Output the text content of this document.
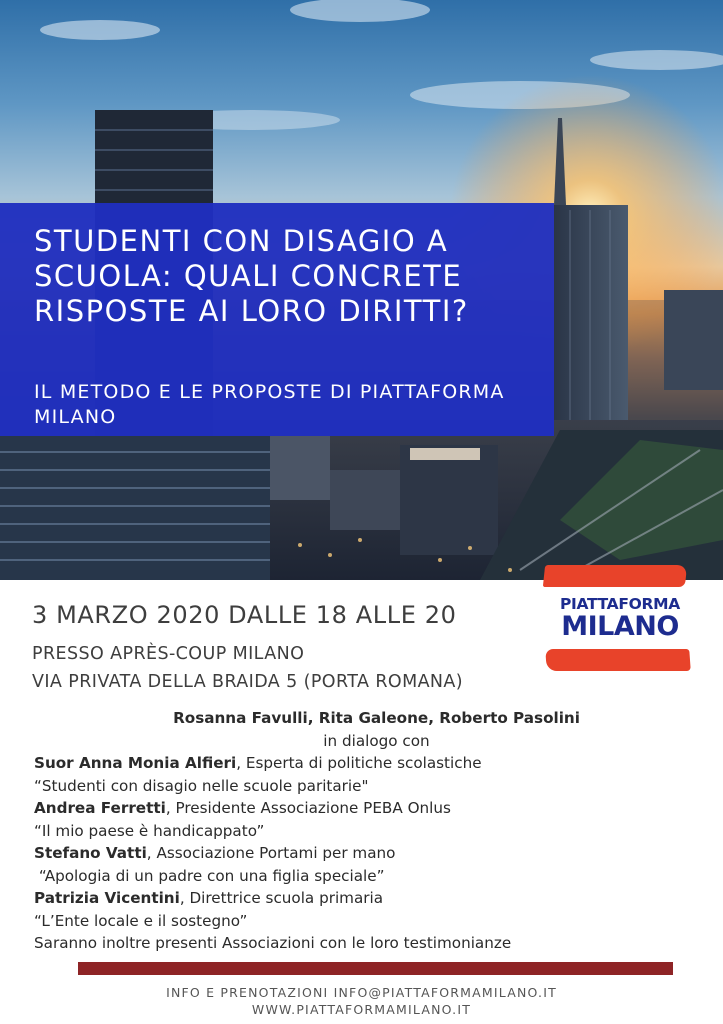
STUDENTI CON DISAGIO A SCUOLA: QUALI CONCRETE RISPOSTE AI LORO DIRITTI?
IL METODO E LE PROPOSTE DI PIATTAFORMA MILANO
3 MARZO 2020 DALLE 18 ALLE 20
PRESSO APRÈS-COUP MILANO
VIA PRIVATA DELLA BRAIDA 5 (PORTA ROMANA)
PIATTAFORMA
MILANO
Rosanna Favulli, Rita Galeone, Roberto Pasolini
in dialogo con
Suor Anna Monia Alfieri, Esperta di politiche scolastiche
“Studenti con disagio nelle scuole paritarie"
Andrea Ferretti, Presidente Associazione PEBA Onlus
“Il mio paese è handicappato”
Stefano Vatti, Associazione Portami per mano
“Apologia di un padre con una figlia speciale”
Patrizia Vicentini, Direttrice scuola primaria
“L’Ente locale e il sostegno”
Saranno inoltre presenti Associazioni con le loro testimonianze
INFO E PRENOTAZIONI INFO@PIATTAFORMAMILANO.IT
WWW.PIATTAFORMAMILANO.IT
